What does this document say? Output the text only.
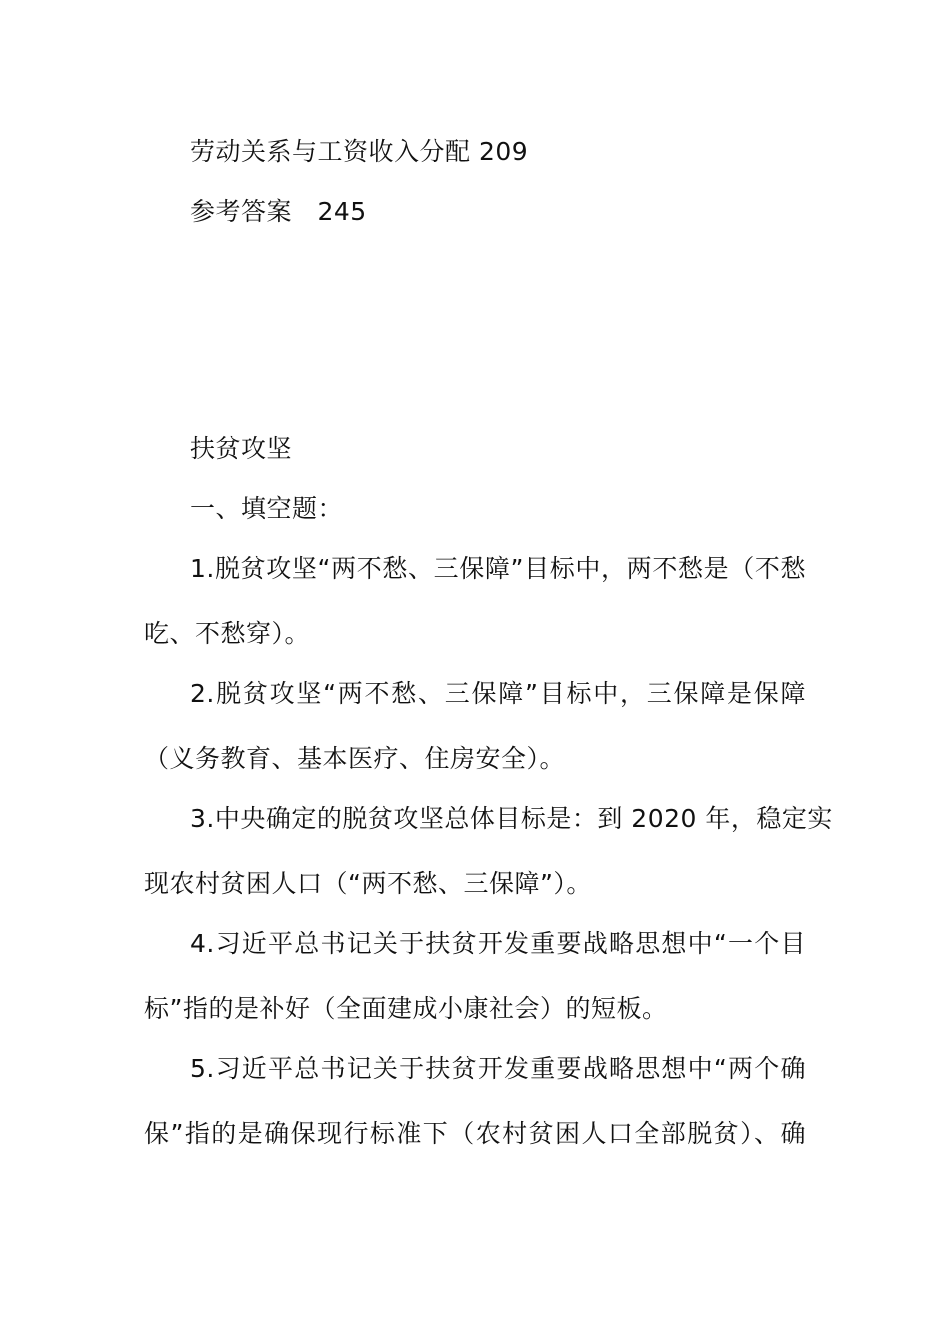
劳动关系与工资收入分配 209
参考答案　245
扶贫攻坚
一、填空题：
1.脱贫攻坚“两不愁、三保障”目标中，两不愁是（不愁
吃、不愁穿）。
2.脱贫攻坚“两不愁、三保障”目标中，三保障是保障
（义务教育、基本医疗、住房安全）。
3.中央确定的脱贫攻坚总体目标是：到 2020 年，稳定实
现农村贫困人口（“两不愁、三保障”）。
4.习近平总书记关于扶贫开发重要战略思想中“一个目
标”指的是补好（全面建成小康社会）的短板。
5.习近平总书记关于扶贫开发重要战略思想中“两个确
保”指的是确保现行标准下（农村贫困人口全部脱贫）、确
